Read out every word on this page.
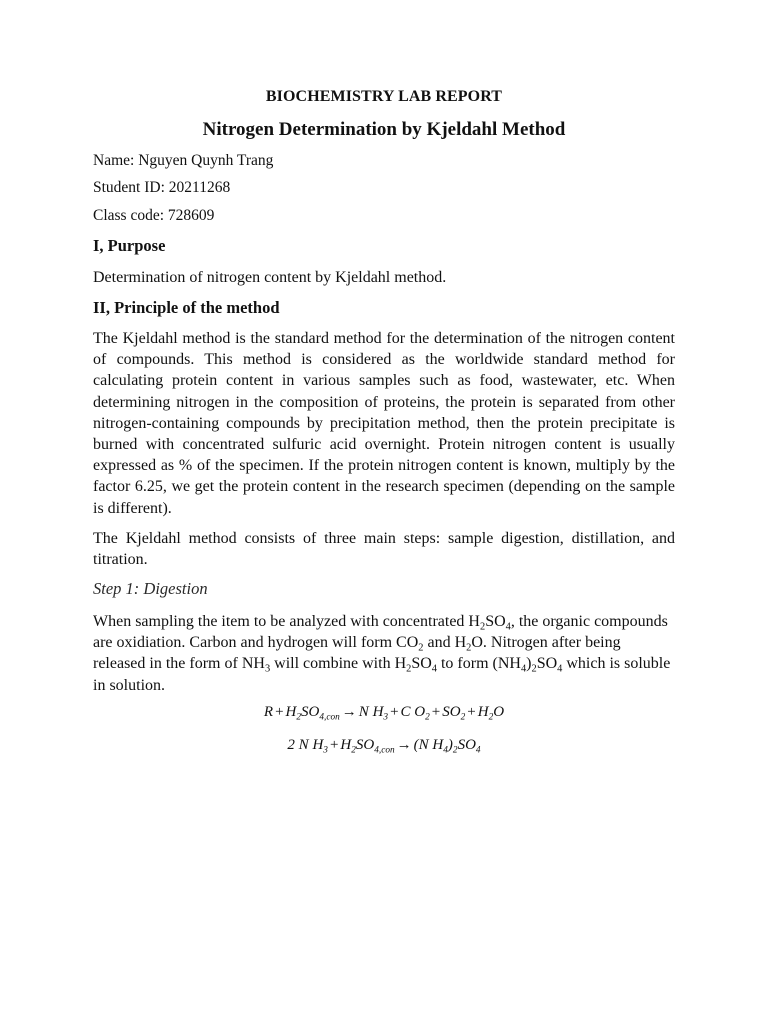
BIOCHEMISTRY LAB REPORT
Nitrogen Determination by Kjeldahl Method
Name: Nguyen Quynh Trang
Student ID: 20211268
Class code: 728609
I, Purpose
Determination of nitrogen content by Kjeldahl method.
II, Principle of the method
The Kjeldahl method is the standard method for the determination of the nitrogen content of compounds. This method is considered as the worldwide standard method for calculating protein content in various samples such as food, wastewater, etc. When determining nitrogen in the composition of proteins, the protein is separated from other nitrogen-containing compounds by precipitation method, then the protein precipitate is burned with concentrated sulfuric acid overnight. Protein nitrogen content is usually expressed as % of the specimen. If the protein nitrogen content is known, multiply by the factor 6.25, we get the protein content in the research specimen (depending on the sample is different).
The Kjeldahl method consists of three main steps: sample digestion, distillation, and titration.
Step 1: Digestion
When sampling the item to be analyzed with concentrated $H_2SO_4$, the organic compounds are oxidiation. Carbon and hydrogen will form $CO_2$ and $H_2O$. Nitrogen after being released in the form of $NH_3$ will combine with $H_2SO_4$ to form $(NH_4)_2SO_4$ which is soluble in solution.
$R + H_2SO_{4,con} \to N$ $H_3 + C$ $O_2 + SO_2 + H_2O$
2 N $H_3 + H_2SO_{4,con} \to (N$ $H_4)_2SO_4$
